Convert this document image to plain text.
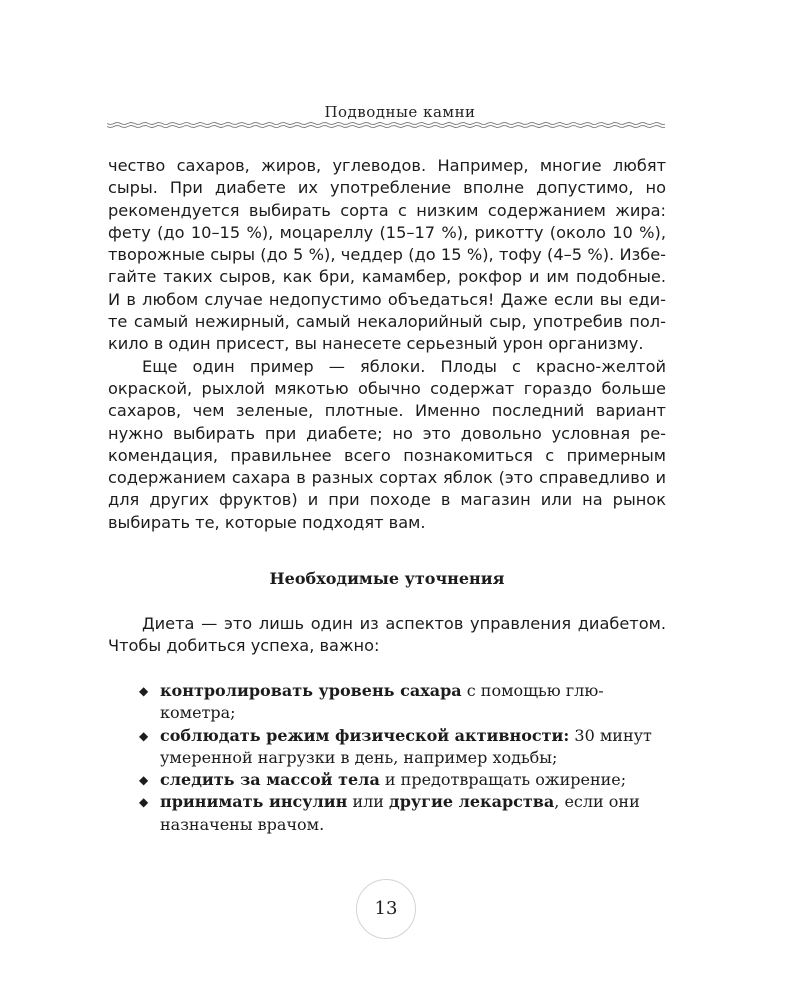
Подводные камни

чество сахаров, жиров, углеводов. Например, многие любят сыры. При диабете их употребление вполне допустимо, но рекомендуется выбирать сорта с низким содержанием жира: фету (до 10–15 %), моцареллу (15–17 %), рикотту (около 10 %), творожные сыры (до 5 %), чеддер (до 15 %), тофу (4–5 %). Избегайте таких сыров, как бри, камамбер, рокфор и им подобные. И в любом случае недопустимо объедаться! Даже если вы едите самый нежирный, самый некалорийный сыр, употребив полкило в один присест, вы нанесете серьезный урон организму.

Еще один пример — яблоки. Плоды с красно-желтой окраской, рыхлой мякотью обычно содержат гораздо больше сахаров, чем зеленые, плотные. Именно последний вариант нужно выбирать при диабете; но это довольно условная рекомендация, правильнее всего познакомиться с примерным содержанием сахара в разных сортах яблок (это справедливо и для других фруктов) и при походе в магазин или на рынок выбирать те, которые подходят вам.

Необходимые уточнения

Диета — это лишь один из аспектов управления диабетом. Чтобы добиться успеха, важно:

◆ контролировать уровень сахара с помощью глюкометра;
◆ соблюдать режим физической активности: 30 минут умеренной нагрузки в день, например ходьбы;
◆ следить за массой тела и предотвращать ожирение;
◆ принимать инсулин или другие лекарства, если они назначены врачом.
13
